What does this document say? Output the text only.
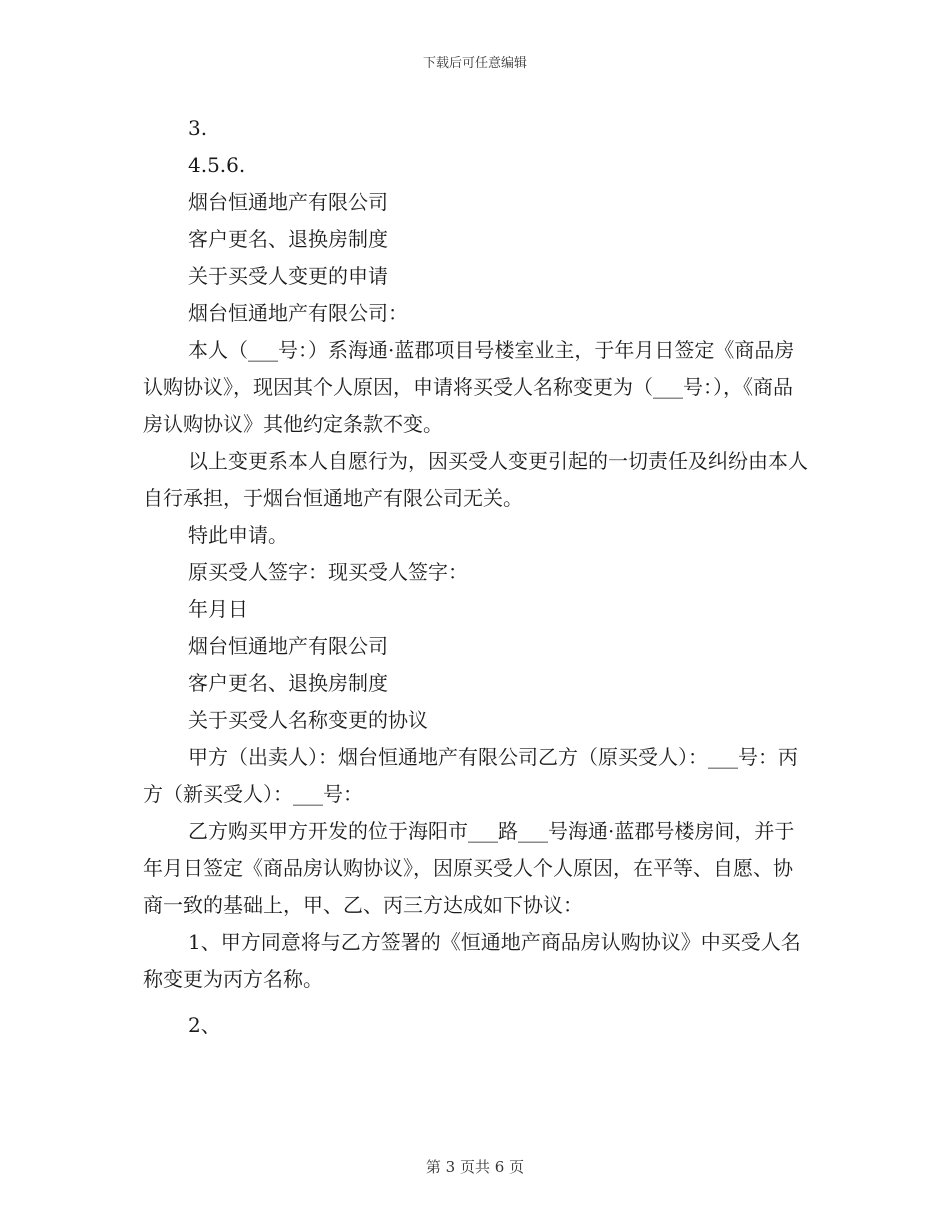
下载后可任意编辑

3.

4.5.6.

烟台恒通地产有限公司

客户更名、退换房制度

关于买受人变更的申请

烟台恒通地产有限公司：

本人（___号：）系海通·蓝郡项目号楼室业主，于年月日签定《商品房认购协议》，现因其个人原因，申请将买受人名称变更为（___号：），《商品房认购协议》其他约定条款不变。

以上变更系本人自愿行为，因买受人变更引起的一切责任及纠纷由本人自行承担，于烟台恒通地产有限公司无关。

特此申请。

原买受人签字：现买受人签字：

年月日

烟台恒通地产有限公司

客户更名、退换房制度

关于买受人名称变更的协议

甲方（出卖人）：烟台恒通地产有限公司乙方（原买受人）：___号：丙方（新买受人）：___号：

乙方购买甲方开发的位于海阳市___路___号海通·蓝郡号楼房间，并于年月日签定《商品房认购协议》，因原买受人个人原因，在平等、自愿、协商一致的基础上，甲、乙、丙三方达成如下协议：

1、甲方同意将与乙方签署的《恒通地产商品房认购协议》中买受人名称变更为丙方名称。

2、

第 3 页共 6 页
